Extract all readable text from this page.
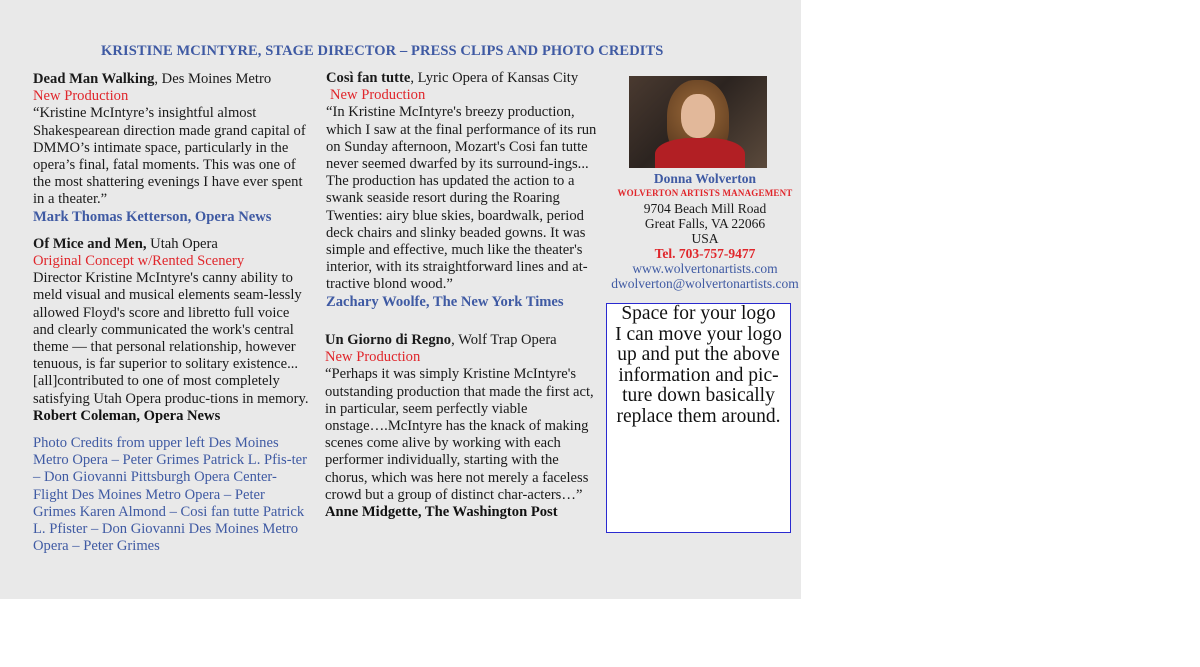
KRISTINE MCINTYRE, STAGE DIRECTOR – PRESS CLIPS AND PHOTO CREDITS
Dead Man Walking, Des Moines Metro
New Production
“Kristine McIntyre’s insightful almost Shakespearean direction made grand capital of DMMO’s intimate space, particularly in the opera’s final, fatal moments. This was one of the most shattering evenings I have ever spent in a theater.”
Mark Thomas Ketterson, Opera News
Of Mice and Men, Utah Opera
Original Concept w/Rented Scenery
Director Kristine McIntyre's canny ability to meld visual and musical elements seam-lessly allowed Floyd's score and libretto full voice and clearly communicated the work's central theme — that personal relationship, however tenuous, is far superior to solitary existence... [all]contributed to one of most completely satisfying Utah Opera produc-tions in memory.
Robert Coleman, Opera News
Photo Credits from upper left Des Moines Metro Opera – Peter Grimes Patrick L. Pfis-ter – Don Giovanni Pittsburgh Opera Center- Flight Des Moines Metro Opera – Peter Grimes Karen Almond – Cosi fan tutte Patrick L. Pfister – Don Giovanni Des Moines Metro Opera – Peter Grimes
Così fan tutte, Lyric Opera of Kansas City
New Production
“In Kristine McIntyre's breezy production, which I saw at the final performance of its run on Sunday afternoon, Mozart's Cosi fan tutte never seemed dwarfed by its surround-ings... The production has updated the action to a swank seaside resort during the Roaring Twenties: airy blue skies, boardwalk, period deck chairs and slinky beaded gowns. It was simple and effective, much like the theater's interior, with its straightforward lines and at-tractive blond wood.”
Zachary Woolfe, The New York Times
Un Giorno di Regno, Wolf Trap Opera
New Production
“Perhaps it was simply Kristine McIntyre's outstanding production that made the first act, in particular, seem perfectly viable onstage….McIntyre has the knack of making scenes come alive by working with each performer individually, starting with the chorus, which was here not merely a faceless crowd but a group of distinct char-acters…”
Anne Midgette, The Washington Post
Donna Wolverton
WOLVERTON ARTISTS MANAGEMENT
9704 Beach Mill Road
Great Falls, VA 22066
USA
Tel. 703-757-9477
www.wolvertonartists.com
dwolverton@wolvertonartists.com
Space for your logo
I can move your logo
up and put the above
information and pic-
ture down basically
replace them around.
